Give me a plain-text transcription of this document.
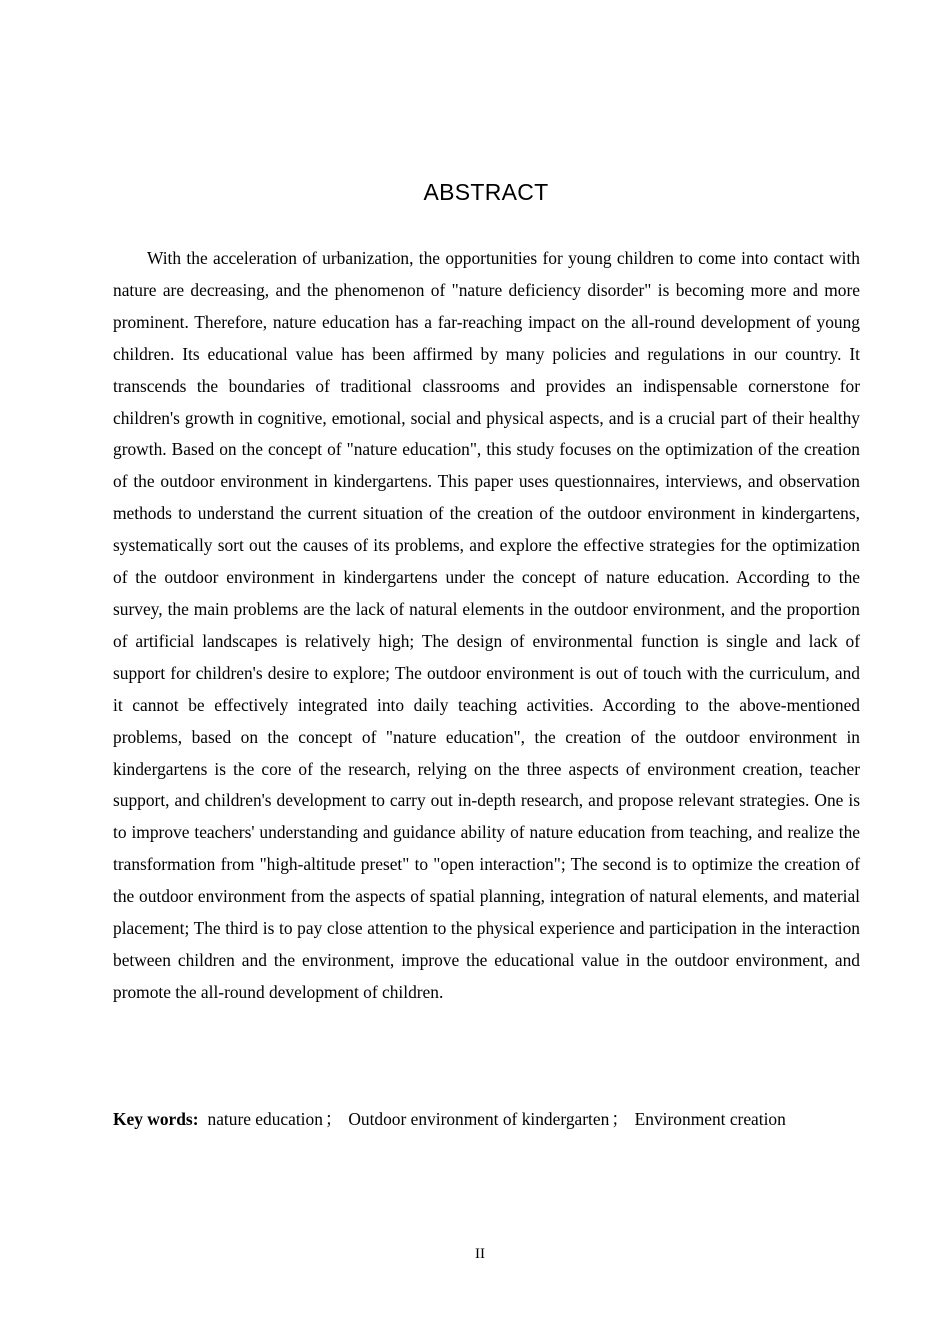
ABSTRACT

With the acceleration of urbanization, the opportunities for young children to come into contact with nature are decreasing, and the phenomenon of "nature deficiency disorder" is becoming more and more prominent. Therefore, nature education has a far-reaching impact on the all-round development of young children. Its educational value has been affirmed by many policies and regulations in our country. It transcends the boundaries of traditional classrooms and provides an indispensable cornerstone for children's growth in cognitive, emotional, social and physical aspects, and is a crucial part of their healthy growth. Based on the concept of "nature education", this study focuses on the optimization of the creation of the outdoor environment in kindergartens. This paper uses questionnaires, interviews, and observation methods to understand the current situation of the creation of the outdoor environment in kindergartens, systematically sort out the causes of its problems, and explore the effective strategies for the optimization of the outdoor environment in kindergartens under the concept of nature education. According to the survey, the main problems are the lack of natural elements in the outdoor environment, and the proportion of artificial landscapes is relatively high; The design of environmental function is single and lack of support for children's desire to explore; The outdoor environment is out of touch with the curriculum, and it cannot be effectively integrated into daily teaching activities. According to the above-mentioned problems, based on the concept of "nature education", the creation of the outdoor environment in kindergartens is the core of the research, relying on the three aspects of environment creation, teacher support, and children's development to carry out in-depth research, and propose relevant strategies. One is to improve teachers' understanding and guidance ability of nature education from teaching, and realize the transformation from "high-altitude preset" to "open interaction"; The second is to optimize the creation of the outdoor environment from the aspects of spatial planning, integration of natural elements, and material placement; The third is to pay close attention to the physical experience and participation in the interaction between children and the environment, improve the educational value in the outdoor environment, and promote the all-round development of children.

Key words: nature education ； Outdoor environment of kindergarten ； Environment creation
II
